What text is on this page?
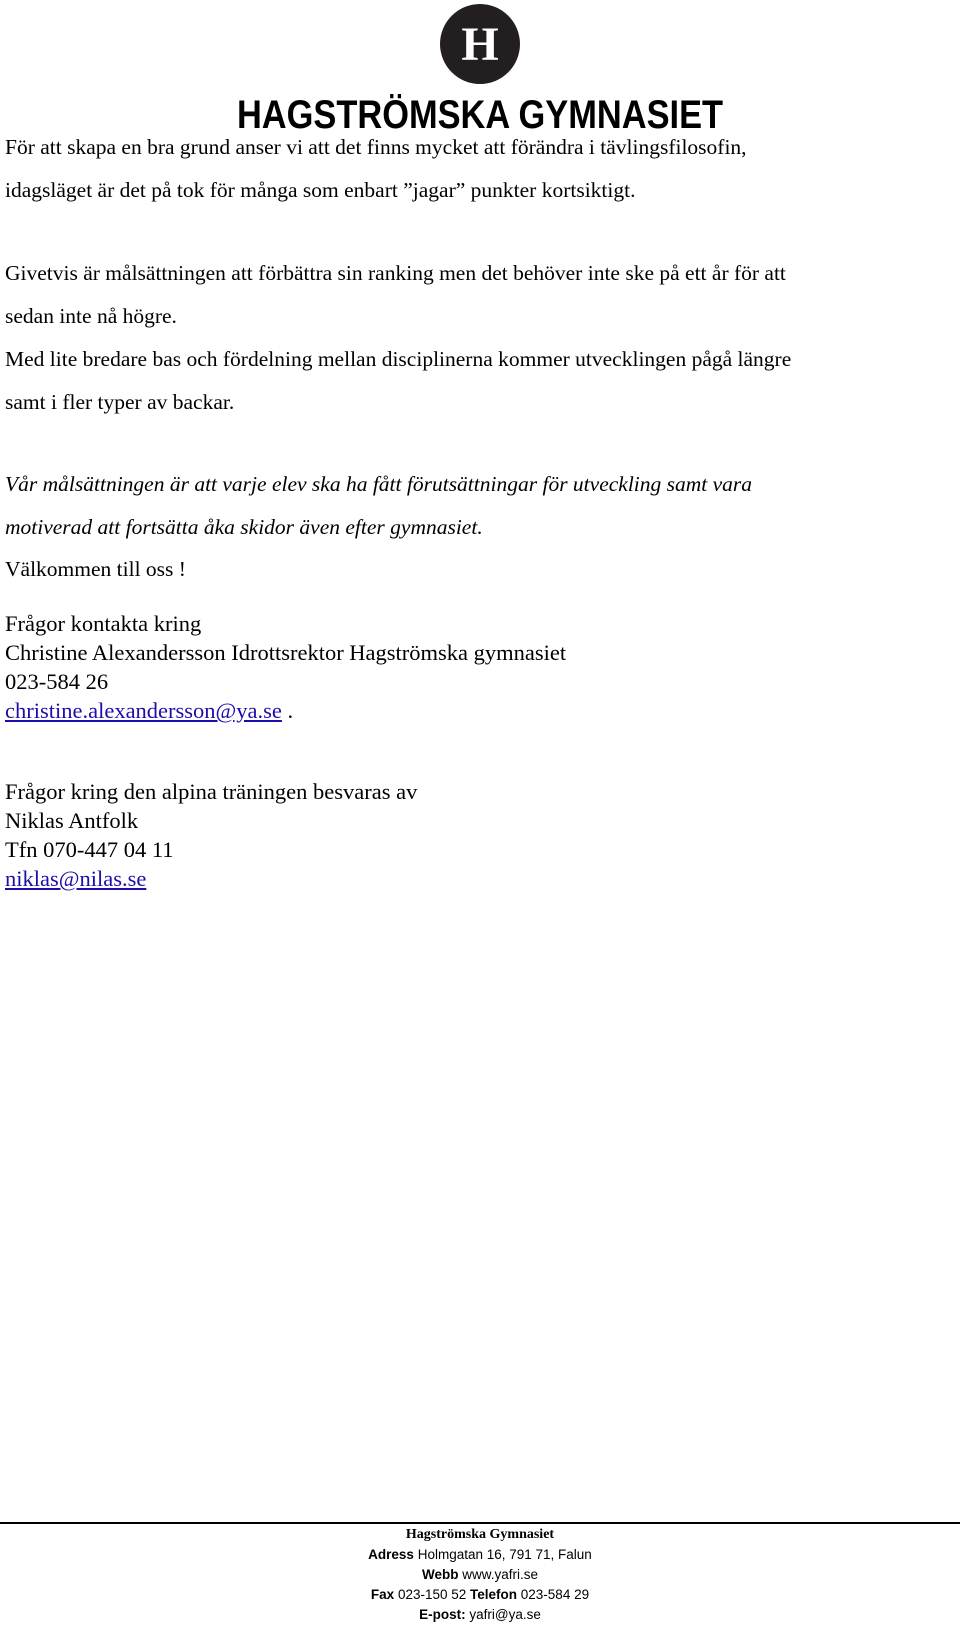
H
HAGSTRÖMSKA GYMNASIET

För att skapa en bra grund anser vi att det finns mycket att förändra i tävlingsfilosofin,

idagsläget är det på tok för många som enbart ”jagar” punkter kortsiktigt.

Givetvis är målsättningen att förbättra sin ranking men det behöver inte ske på ett år för att

sedan inte nå högre.

Med lite bredare bas och fördelning mellan disciplinerna kommer utvecklingen pågå längre

samt i fler typer av backar.

Vår målsättningen är att varje elev ska ha fått förutsättningar för utveckling samt vara

motiverad att fortsätta åka skidor även efter gymnasiet.

Välkommen till oss !

Frågor kontakta kring
Christine Alexandersson Idrottsrektor Hagströmska gymnasiet
023-584 26
christine.alexandersson@ya.se .
Frågor kring den alpina träningen besvaras av
Niklas Antfolk
Tfn 070-447 04 11
niklas@nilas.se
Hagströmska Gymnasiet
Adress Holmgatan 16, 791 71, Falun
Webb www.yafri.se
Fax 023-150 52 Telefon 023-584 29
E-post: yafri@ya.se
